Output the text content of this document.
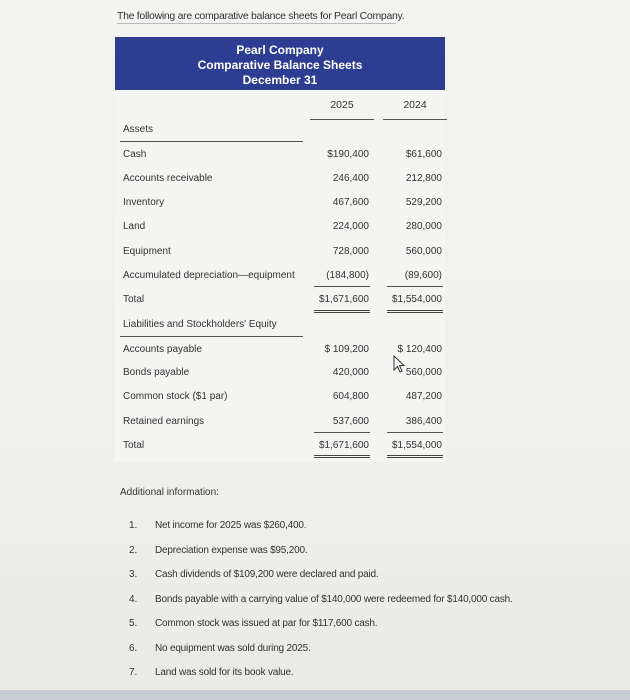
The following are comparative balance sheets for Pearl Company.
Pearl Company
Comparative Balance Sheets
December 31
2025	2024
Assets
Cash	$190,400	$61,600
Accounts receivable	246,400	212,800
Inventory	467,600	529,200
Land	224,000	280,000
Equipment	728,000	560,000
Accumulated depreciation—equipment	(184,800)	(89,600)
Total	$1,671,600	$1,554,000
Liabilities and Stockholders' Equity
Accounts payable	$ 109,200	$ 120,400
Bonds payable	420,000	560,000
Common stock ($1 par)	604,800	487,200
Retained earnings	537,600	386,400
Total	$1,671,600	$1,554,000
Additional information:
1. Net income for 2025 was $260,400.
2. Depreciation expense was $95,200.
3. Cash dividends of $109,200 were declared and paid.
4. Bonds payable with a carrying value of $140,000 were redeemed for $140,000 cash.
5. Common stock was issued at par for $117,600 cash.
6. No equipment was sold during 2025.
7. Land was sold for its book value.
